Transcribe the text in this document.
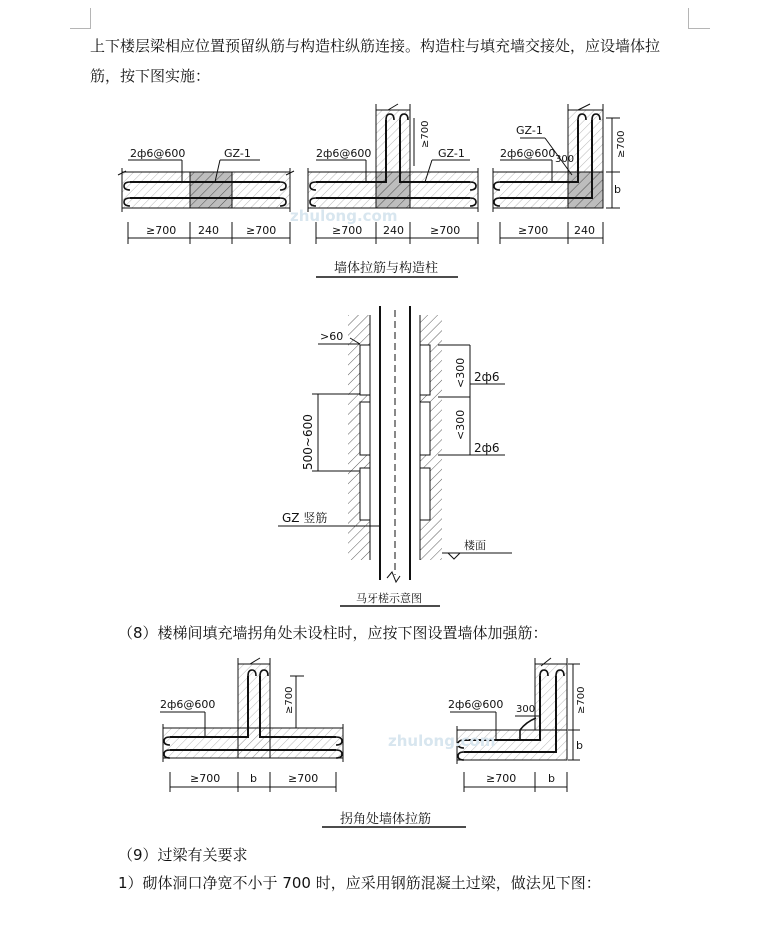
上下楼层梁相应位置预留纵筋与构造柱纵筋连接。构造柱与填充墙交接处，应设墙体拉
筋，按下图实施：
（8）楼梯间填充墙拐角处未设柱时，应按下图设置墙体加强筋：
（9）过梁有关要求
1）砌体洞口净宽不小于 700 时，应采用钢筋混凝土过梁，做法见下图：
2ф6@600	GZ-1
≥700 240 ≥700
2ф6@600	GZ-1
≥700
≥700 240 ≥700
2ф6@600
GZ-1
300
≥700
b
≥700 240
zhulong.com
墙体拉筋与构造柱
>60
<300
<300
2ф6
2ф6
500~600
GZ 竖筋
楼面
马牙槎示意图
2ф6@600	≥700
≥700	b	≥700
2ф6@600 300	≥700
b
≥700	b
zhulong.com
拐角处墙体拉筋
